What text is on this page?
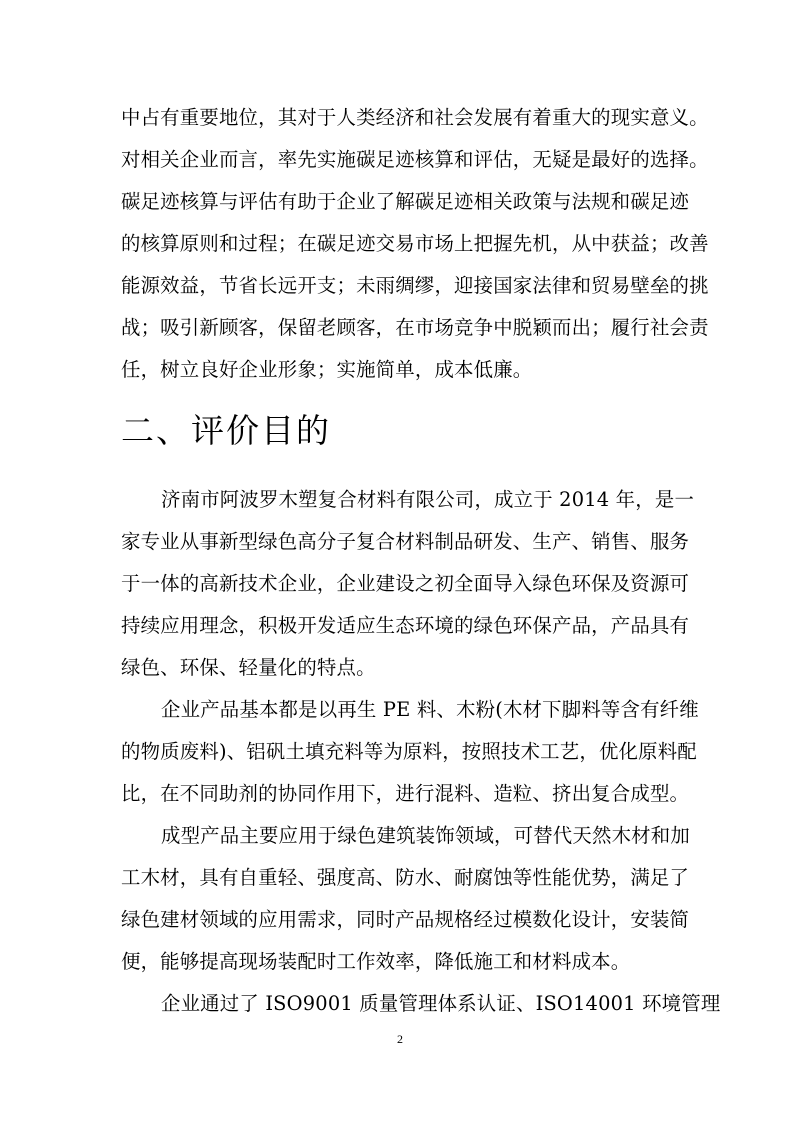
中占有重要地位，其对于人类经济和社会发展有着重大的现实意义。
对相关企业而言，率先实施碳足迹核算和评估，无疑是最好的选择。
碳足迹核算与评估有助于企业了解碳足迹相关政策与法规和碳足迹
的核算原则和过程；在碳足迹交易市场上把握先机，从中获益；改善
能源效益，节省长远开支；未雨绸缪，迎接国家法律和贸易壁垒的挑
战；吸引新顾客，保留老顾客，在市场竞争中脱颖而出；履行社会责
任，树立良好企业形象；实施简单，成本低廉。
二、评价目的
济南市阿波罗木塑复合材料有限公司，成立于 2014 年，是一
家专业从事新型绿色高分子复合材料制品研发、生产、销售、服务
于一体的高新技术企业，企业建设之初全面导入绿色环保及资源可
持续应用理念，积极开发适应生态环境的绿色环保产品，产品具有
绿色、环保、轻量化的特点。
企业产品基本都是以再生 PE 料、木粉(木材下脚料等含有纤维
的物质废料)、铝矾土填充料等为原料，按照技术工艺，优化原料配
比，在不同助剂的协同作用下，进行混料、造粒、挤出复合成型。
成型产品主要应用于绿色建筑装饰领域，可替代天然木材和加
工木材，具有自重轻、强度高、防水、耐腐蚀等性能优势，满足了
绿色建材领域的应用需求，同时产品规格经过模数化设计，安装简
便，能够提高现场装配时工作效率，降低施工和材料成本。
企业通过了 ISO9001 质量管理体系认证、ISO14001 环境管理
2
